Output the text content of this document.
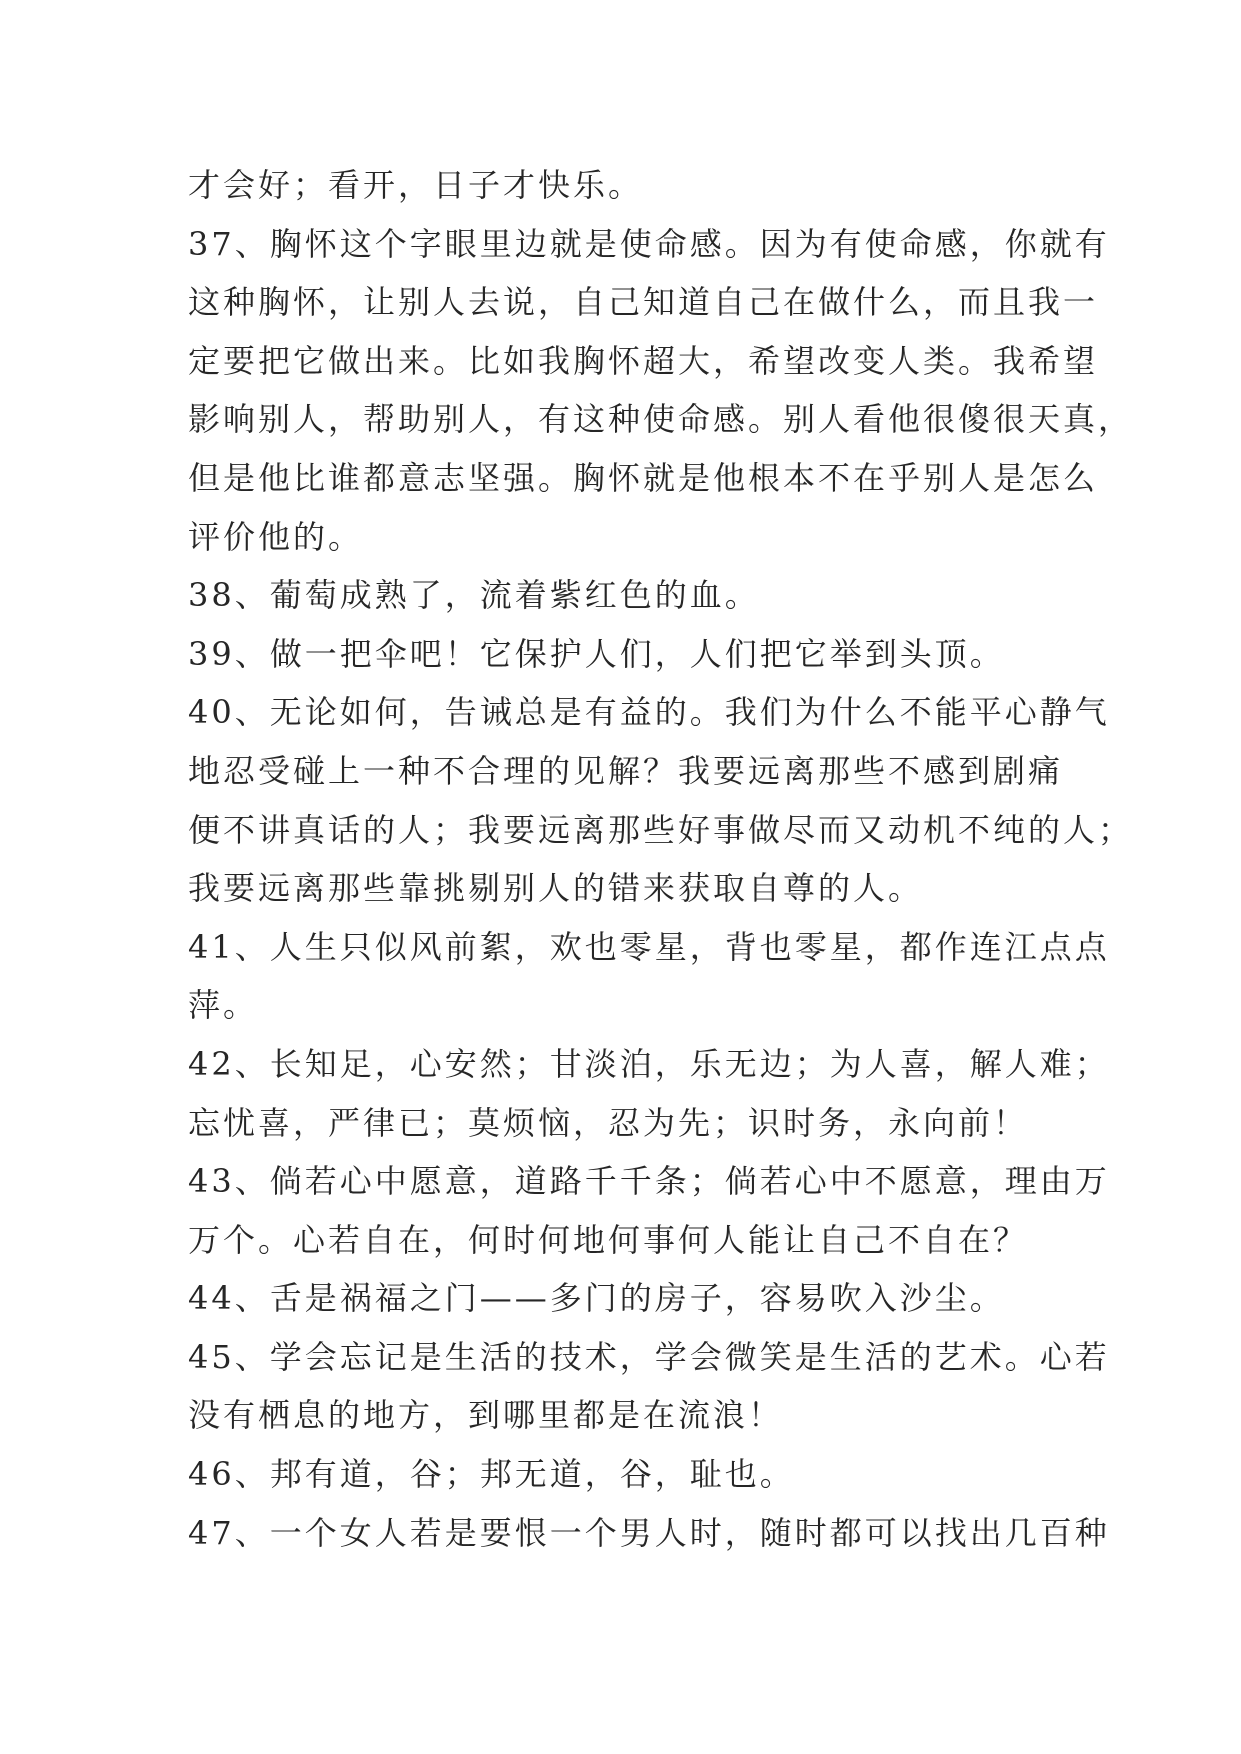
才会好；看开，日子才快乐。
37、胸怀这个字眼里边就是使命感。因为有使命感，你就有
这种胸怀，让别人去说，自己知道自己在做什么，而且我一
定要把它做出来。比如我胸怀超大，希望改变人类。我希望
影响别人，帮助别人，有这种使命感。别人看他很傻很天真，
但是他比谁都意志坚强。胸怀就是他根本不在乎别人是怎么
评价他的。
38、葡萄成熟了，流着紫红色的血。
39、做一把伞吧！它保护人们，人们把它举到头顶。
40、无论如何，告诫总是有益的。我们为什么不能平心静气
地忍受碰上一种不合理的见解？我要远离那些不感到剧痛
便不讲真话的人；我要远离那些好事做尽而又动机不纯的人；
我要远离那些靠挑剔别人的错来获取自尊的人。
41、人生只似风前絮，欢也零星，背也零星，都作连江点点
萍。
42、长知足，心安然；甘淡泊，乐无边；为人喜，解人难；
忘忧喜，严律已；莫烦恼，忍为先；识时务，永向前！
43、倘若心中愿意，道路千千条；倘若心中不愿意，理由万
万个。心若自在，何时何地何事何人能让自己不自在？
44、舌是祸福之门——多门的房子，容易吹入沙尘。
45、学会忘记是生活的技术，学会微笑是生活的艺术。心若
没有栖息的地方，到哪里都是在流浪！
46、邦有道，谷；邦无道，谷，耻也。
47、一个女人若是要恨一个男人时，随时都可以找出几百种
